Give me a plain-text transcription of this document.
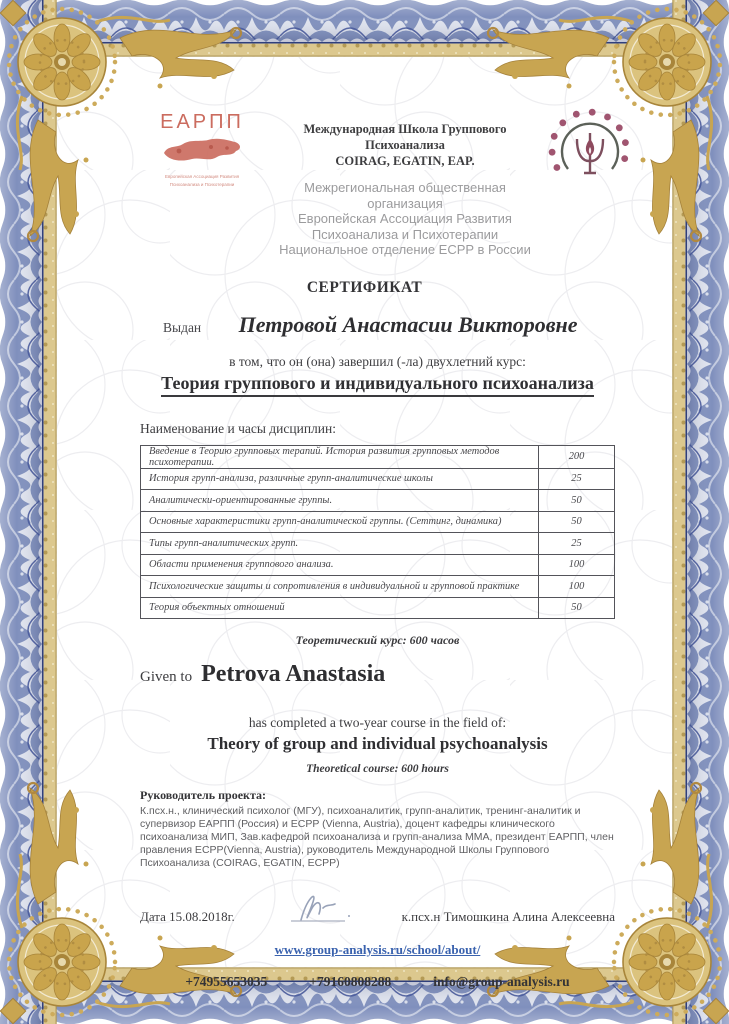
ЕАРПП
Европейская Ассоциация Развития
Психоанализа и Психотерапии
Международная Школа Группового Психоанализа
COIRAG, EGATIN, EAP.
Межрегиональная общественная организация
Европейская Ассоциация Развития
Психоанализа и Психотерапии
Национальное отделение ECPP в России
СЕРТИФИКАТ
Выдан	Петровой Анастасии Викторовне
в том, что он (она) завершил (-ла) двухлетний курс:
Теория группового и индивидуального психоанализа
Наименование и часы дисциплин:
Введение в Теорию групповых терапий. История развития групповых методов психотерапии.	200
История групп-анализа, различные групп-аналитические школы	25
Аналитически-ориентированные группы.	50
Основные характеристики групп-аналитической группы. (Сеттинг, динамика)	50
Типы групп-аналитических групп.	25
Области применения группового анализа.	100
Психологические защиты и сопротивления в индивидуальной и групповой практике	100
Теория объектных отношений	50
Теоретический курс: 600 часов
Given to Petrova Anastasia
has completed a two-year course in the field of:
Theory of group and individual psychoanalysis
Theoretical course: 600 hours
Руководитель проекта:
К.псх.н., клинический психолог (МГУ), психоаналитик, групп-аналитик, тренинг-аналитик и супервизор ЕАРПП (Россия) и ECPP (Vienna, Austria), доцент кафедры клинического психоанализа МИП, Зав.кафедрой психоанализа и групп-анализа ММА, президент ЕАРПП, член правления ECPP(Vienna, Austria), руководитель Международной Школы Группового Психоанализа (COIRAG, EGATIN, ECPP)
Дата 15.08.2018г.	к.псх.н Тимошкина Алина Алексеевна
www.group-analysis.ru/school/about/
+74955653035	+79160808288	info@group-analysis.ru
